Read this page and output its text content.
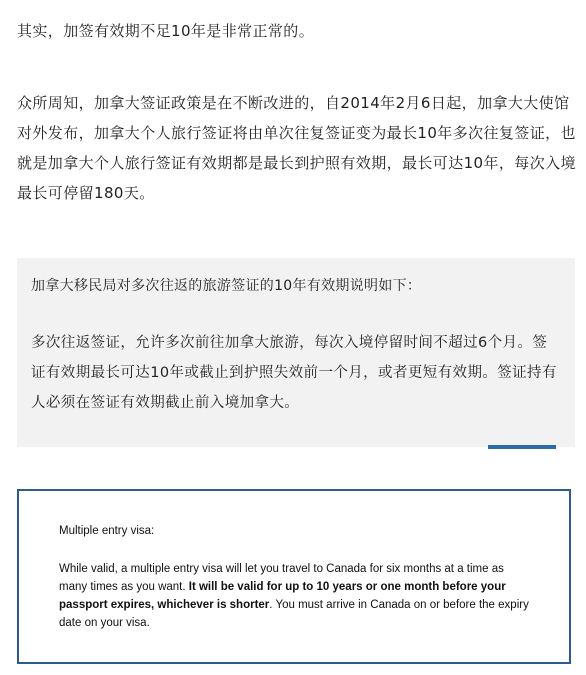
其实，加签有效期不足10年是非常正常的。

众所周知，加拿大签证政策是在不断改进的，自2014年2月6日起，加拿大大使馆对外发布，加拿大个人旅行签证将由单次往复签证变为最长10年多次往复签证，也就是加拿大个人旅行签证有效期都是最长到护照有效期，最长可达10年，每次入境最长可停留180天。

加拿大移民局对多次往返的旅游签证的10年有效期说明如下：

多次往返签证，允许多次前往加拿大旅游，每次入境停留时间不超过6个月。签证有效期最长可达10年或截止到护照失效前一个月，或者更短有效期。签证持有人必须在签证有效期截止前入境加拿大。

Multiple entry visa:

While valid, a multiple entry visa will let you travel to Canada for six months at a time as many times as you want. It will be valid for up to 10 years or one month before your passport expires, whichever is shorter. You must arrive in Canada on or before the expiry date on your visa.
